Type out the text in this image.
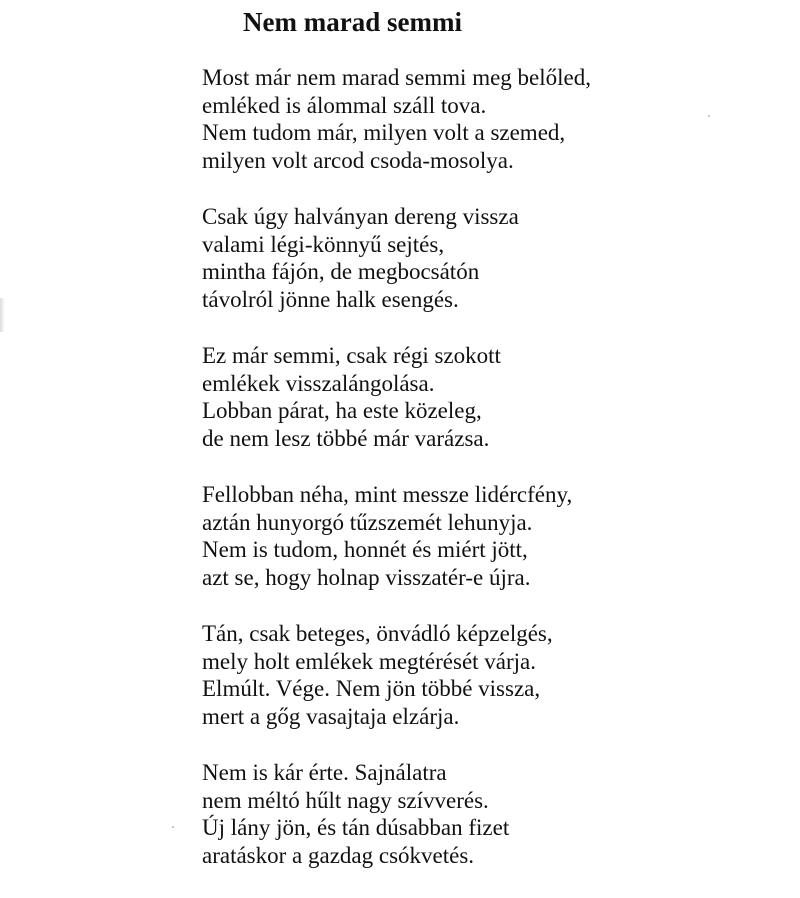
Nem marad semmi
Most már nem marad semmi meg belőled,
emléked is álommal száll tova.
Nem tudom már, milyen volt a szemed,
milyen volt arcod csoda-mosolya.
Csak úgy halványan dereng vissza
valami légi-könnyű sejtés,
mintha fájón, de megbocsátón
távolról jönne halk esengés.
Ez már semmi, csak régi szokott
emlékek visszalángolása.
Lobban párat, ha este közeleg,
de nem lesz többé már varázsa.
Fellobban néha, mint messze lidércfény,
aztán hunyorgó tűzszemét lehunyja.
Nem is tudom, honnét és miért jött,
azt se, hogy holnap visszatér-e újra.
Tán, csak beteges, önvádló képzelgés,
mely holt emlékek megtérését várja.
Elmúlt. Vége. Nem jön többé vissza,
mert a gőg vasajtaja elzárja.
Nem is kár érte. Sajnálatra
nem méltó hűlt nagy szívverés.
Új lány jön, és tán dúsabban fizet
aratáskor a gazdag csókvetés.
